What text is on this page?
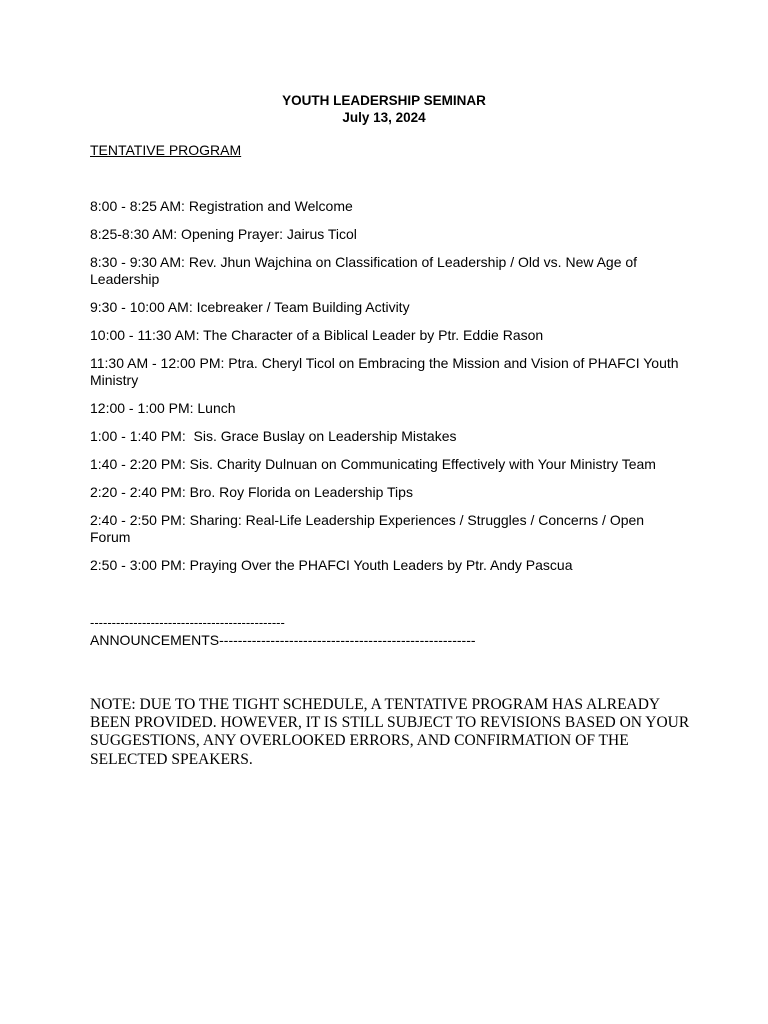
YOUTH LEADERSHIP SEMINAR
July 13, 2024
TENTATIVE PROGRAM
8:00 - 8:25 AM: Registration and Welcome
8:25-8:30 AM: Opening Prayer: Jairus Ticol
8:30 - 9:30 AM: Rev. Jhun Wajchina on Classification of Leadership / Old vs. New Age of Leadership
9:30 - 10:00 AM: Icebreaker / Team Building Activity
10:00 - 11:30 AM: The Character of a Biblical Leader by Ptr. Eddie Rason
11:30 AM - 12:00 PM: Ptra. Cheryl Ticol on Embracing the Mission and Vision of PHAFCI Youth Ministry
12:00 - 1:00 PM: Lunch
1:00 - 1:40 PM:  Sis. Grace Buslay on Leadership Mistakes
1:40 - 2:20 PM: Sis. Charity Dulnuan on Communicating Effectively with Your Ministry Team
2:20 - 2:40 PM: Bro. Roy Florida on Leadership Tips
2:40 - 2:50 PM: Sharing: Real-Life Leadership Experiences / Struggles / Concerns / Open Forum
2:50 - 3:00 PM: Praying Over the PHAFCI Youth Leaders by Ptr. Andy Pascua
---------------------------------------------
ANNOUNCEMENTS-------------------------------------------------------
NOTE: DUE TO THE TIGHT SCHEDULE, A TENTATIVE PROGRAM HAS ALREADY BEEN PROVIDED. HOWEVER, IT IS STILL SUBJECT TO REVISIONS BASED ON YOUR SUGGESTIONS, ANY OVERLOOKED ERRORS, AND CONFIRMATION OF THE SELECTED SPEAKERS.
